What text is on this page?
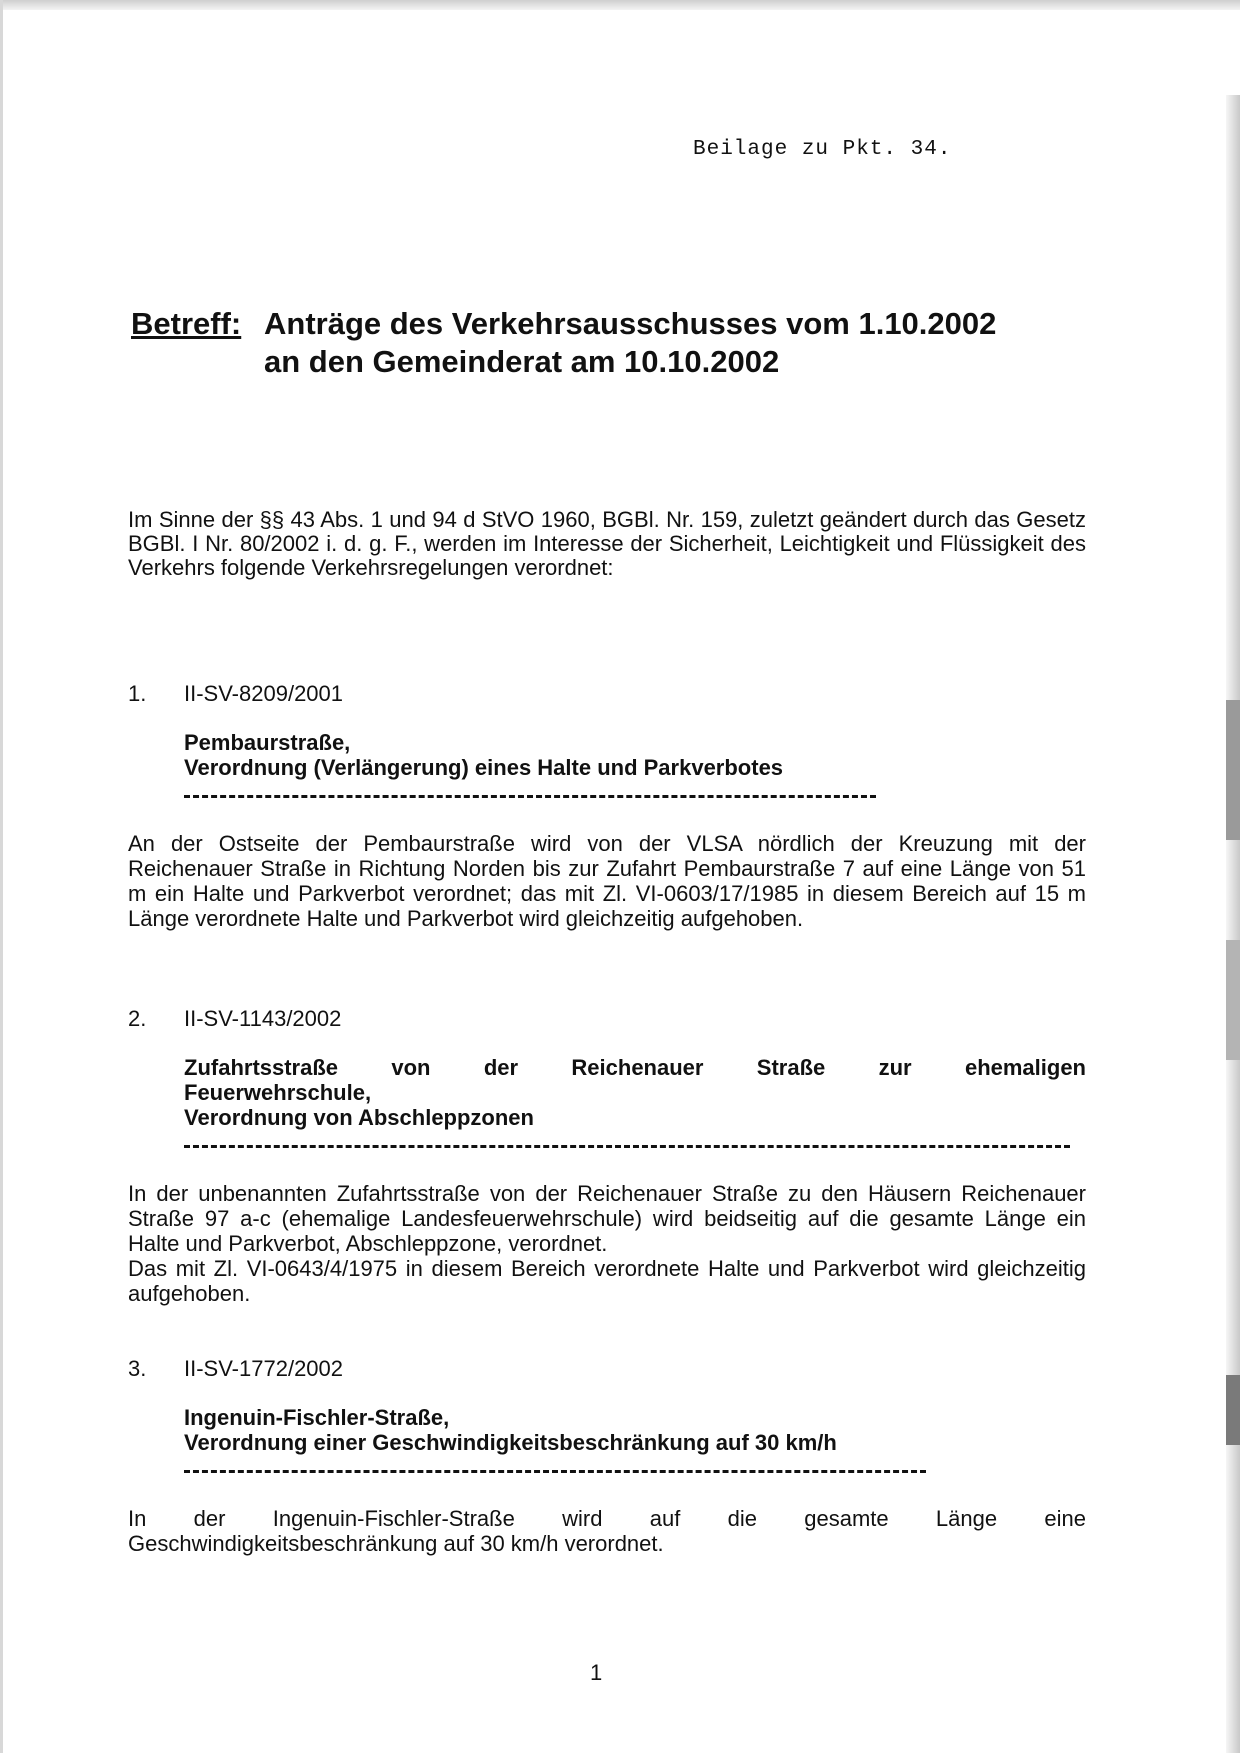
Beilage zu Pkt. 34.
Betreff: Anträge des Verkehrsausschusses vom 1.10.2002
an den Gemeinderat am 10.10.2002
Im Sinne der §§ 43 Abs. 1 und 94 d StVO 1960, BGBl. Nr. 159, zuletzt geändert durch das Gesetz BGBl. I Nr. 80/2002 i. d. g. F., werden im Interesse der Sicherheit, Leichtigkeit und Flüssigkeit des Verkehrs folgende Verkehrsregelungen verordnet:
1. II-SV-8209/2001
Pembaurstraße,
Verordnung (Verlängerung) eines Halte und Parkverbotes
An der Ostseite der Pembaurstraße wird von der VLSA nördlich der Kreuzung mit der Reichenauer Straße in Richtung Norden bis zur Zufahrt Pembaurstraße 7 auf eine Länge von 51 m ein Halte und Parkverbot verordnet; das mit Zl. VI-0603/17/1985 in diesem Bereich auf 15 m Länge verordnete Halte und Parkverbot wird gleichzeitig aufgehoben.
2. II-SV-1143/2002
Zufahrtsstraße von der Reichenauer Straße zur ehemaligen
Feuerwehrschule,
Verordnung von Abschleppzonen
In der unbenannten Zufahrtsstraße von der Reichenauer Straße zu den Häusern Reichenauer Straße 97 a-c (ehemalige Landesfeuerwehrschule) wird beidseitig auf die gesamte Länge ein Halte und Parkverbot, Abschleppzone, verordnet.
Das mit Zl. VI-0643/4/1975 in diesem Bereich verordnete Halte und Parkverbot wird gleichzeitig aufgehoben.
3. II-SV-1772/2002
Ingenuin-Fischler-Straße,
Verordnung einer Geschwindigkeitsbeschränkung auf 30 km/h
In der Ingenuin-Fischler-Straße wird auf die gesamte Länge eine
Geschwindigkeitsbeschränkung auf 30 km/h verordnet.
1
